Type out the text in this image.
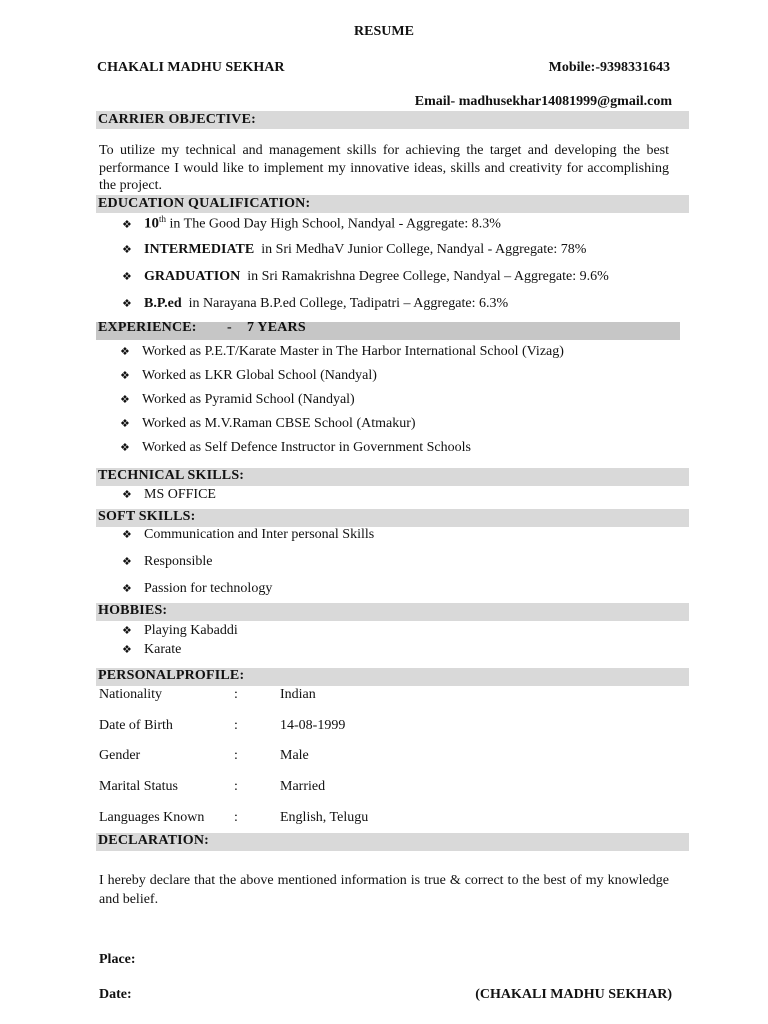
RESUME
CHAKALI MADHU SEKHAR	Mobile:-9398331643
Email- madhusekhar14081999@gmail.com
CARRIER OBJECTIVE:
To utilize my technical and management skills for achieving the target and developing the best performance I would like to implement my innovative ideas, skills and creativity for accomplishing the project.
EDUCATION QUALIFICATION:
❖ 10th in The Good Day High School, Nandyal - Aggregate: 8.3%
❖ INTERMEDIATE  in Sri MedhaV Junior College, Nandyal - Aggregate: 78%
❖ GRADUATION  in Sri Ramakrishna Degree College, Nandyal – Aggregate: 9.6%
❖ B.P.ed  in Narayana B.P.ed College, Tadipatri – Aggregate: 6.3%
EXPERIENCE: - 7 YEARS
❖ Worked as P.E.T/Karate Master in The Harbor International School (Vizag)
❖ Worked as LKR Global School (Nandyal)
❖ Worked as Pyramid School (Nandyal)
❖ Worked as M.V.Raman CBSE School (Atmakur)
❖ Worked as Self Defence Instructor in Government Schools
TECHNICAL SKILLS:
❖ MS OFFICE
SOFT SKILLS:
❖ Communication and Inter personal Skills
❖ Responsible
❖ Passion for technology
HOBBIES:
❖ Playing Kabaddi
❖ Karate
PERSONALPROFILE:
Nationality	:	Indian
Date of Birth	:	14-08-1999
Gender	:	Male
Marital Status	:	Married
Languages Known :	English, Telugu
DECLARATION:
I hereby declare that the above mentioned information is true & correct to the best of my knowledge and belief.
Place:
Date:	(CHAKALI MADHU SEKHAR)
